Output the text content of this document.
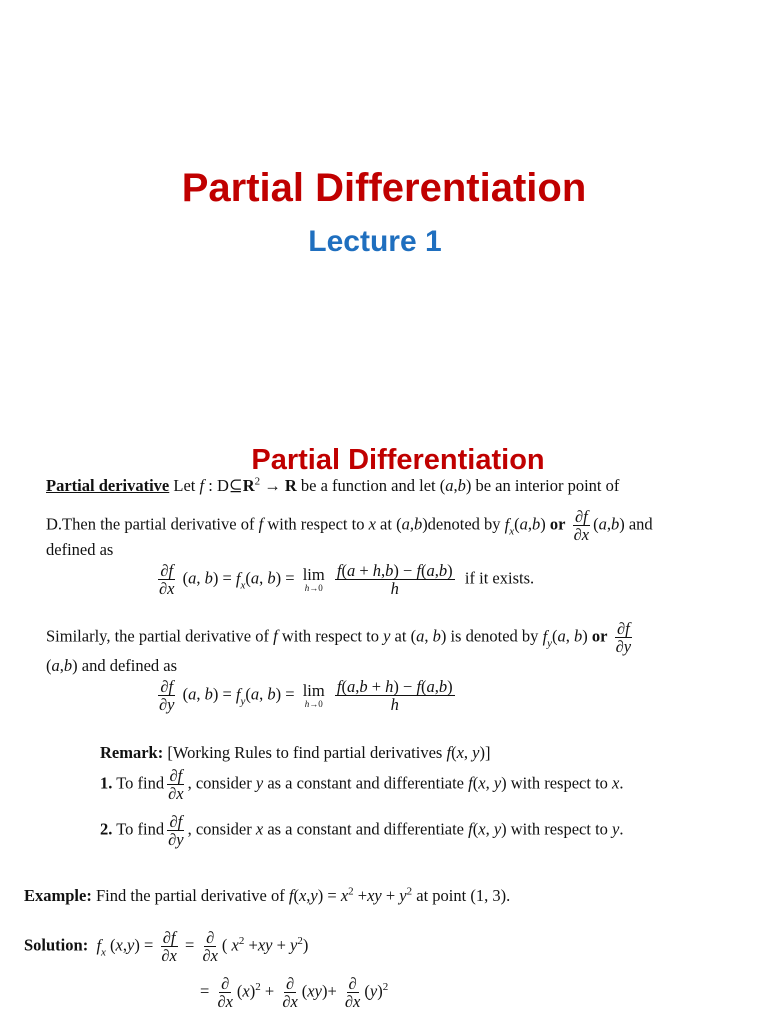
Partial Differentiation
Lecture 1
Partial Differentiation
Partial derivative Let f : $D⊆R^2 \to R$ be a function and let (a,b) be an interior point of
D.Then the partial derivative of f with respect to x at (a,b)denoted by $f_x(a,b)$ or $\frac{\partial f}{\partial x} (a,b)$ and
defined as
$\frac{\partial f}{\partial x} (a$, $b) = f_x(a$, b) = lim
h→0
$\frac{f(a + h,b) - f(a,b)}{h}$ if it exists.
Similarly, the partial derivative of f with respect to y at (a, b) is denoted by $f_y(a$, b) or $\frac{\partial f}{\partial y}$
(a,b) and defined as
$\frac{\partial f}{\partial y} (a$, $b) = f_y(a$, b) = lim
h→0
$\frac{f(a,b + h) - f(a,b)}{h}$
Remark: [Working Rules to find partial derivatives f(x, y)]
1. To find $\frac{\partial f}{\partial x}$ , consider y as a constant and differentiate f(x, y) with respect to x.
2. To find $\frac{\partial f}{\partial y}$ , consider x as a constant and differentiate f(x, y) with respect to y.
Example: Find the partial derivative of $f(x,y) = x^2 +xy + y^2$ at point (1, 3).
Solution: $f_x$ $(x,y) = \frac{\partial f}{\partial x} = \frac{\partial}{\partial x}$ ( $x^2 +xy + y^2$)
= $\frac{\partial}{\partial x} (x)^2 + \frac{\partial}{\partial x} (xy)+ \frac{\partial}{\partial x} (y)^2$
